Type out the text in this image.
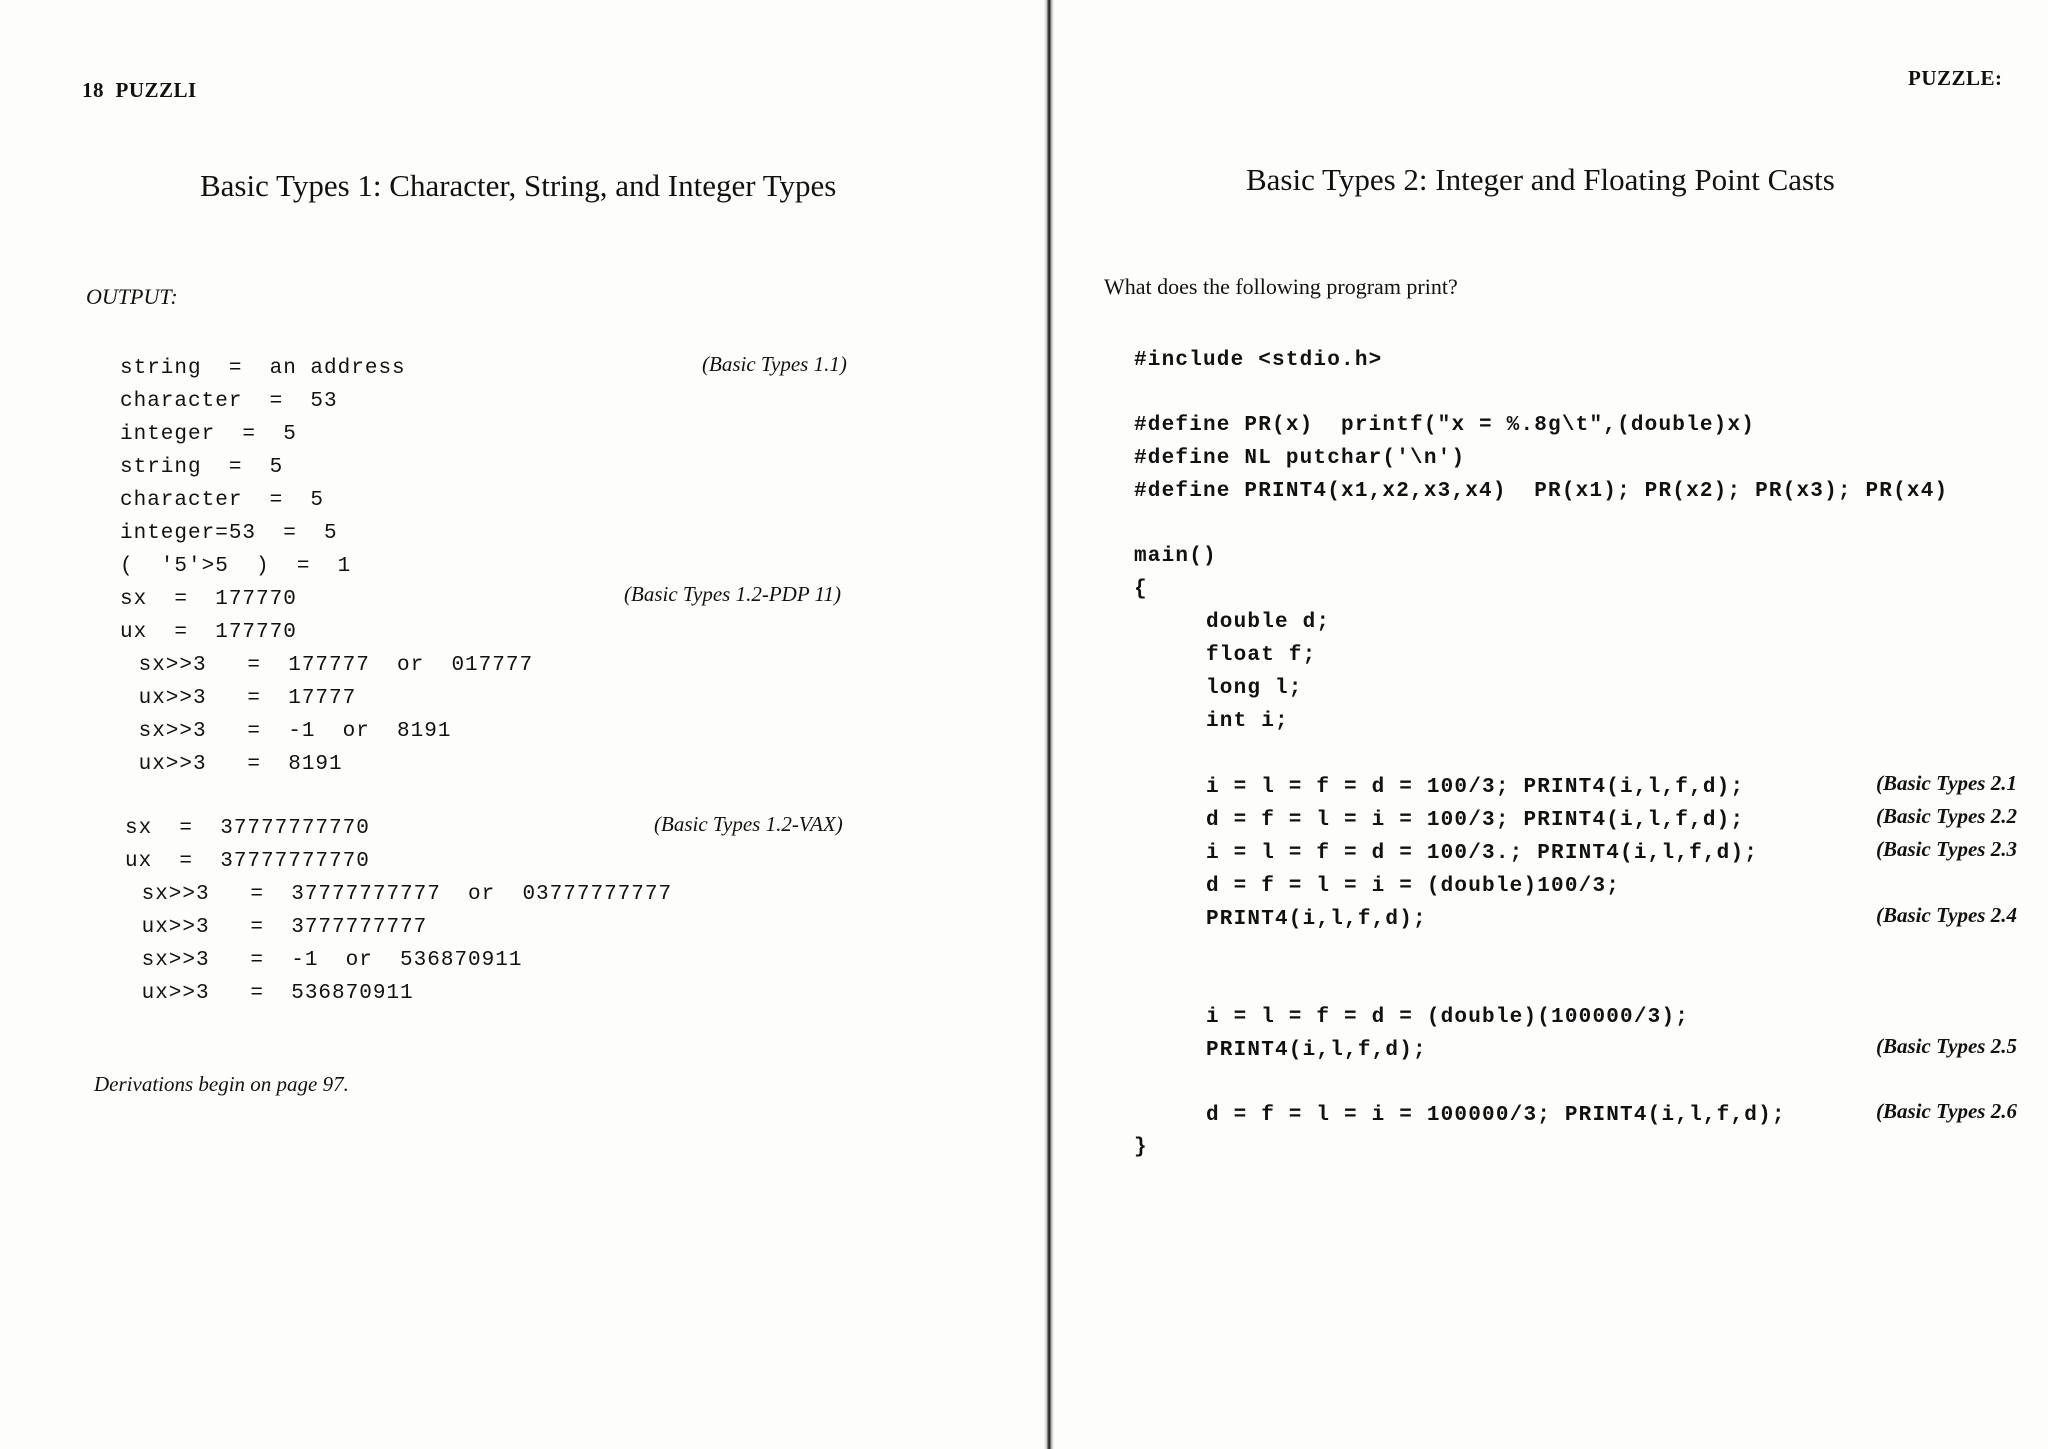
18  PUZZLI
Basic Types 1: Character, String, and Integer Types
OUTPUT:
string  =  an address
character  =  53
integer  =  5
string  =  5
character  =  5
integer=53  =  5
(  '5'>5  )  =  1
sx  =  177770
ux  =  177770
sx>>3   =  177777  or  017777
ux>>3   =  17777
sx>>3   =  -1  or  8191
ux>>3   =  8191
sx  =  37777777770
ux  =  37777777770
sx>>3   =  37777777777  or  03777777777
ux>>3   =  3777777777
sx>>3   =  -1  or  536870911
ux>>3   =  536870911
(Basic Types 1.1)
(Basic Types 1.2-PDP 11)
(Basic Types 1.2-VAX)
Derivations begin on page 97.
PUZZLE:
Basic Types 2: Integer and Floating Point Casts
What does the following program print?
#include <stdio.h>
#define PR(x)  printf("x = %.8g\t",(double)x)
#define NL putchar('\n')
#define PRINT4(x1,x2,x3,x4)  PR(x1); PR(x2); PR(x3); PR(x4)
main()
{
double d;
float f;
long l;
int i;
i = l = f = d = 100/3; PRINT4(i,l,f,d);
d = f = l = i = 100/3; PRINT4(i,l,f,d);
i = l = f = d = 100/3.; PRINT4(i,l,f,d);
d = f = l = i = (double)100/3;
PRINT4(i,l,f,d);
i = l = f = d = (double)(100000/3);
PRINT4(i,l,f,d);
d = f = l = i = 100000/3; PRINT4(i,l,f,d);
}
(Basic Types 2.1
(Basic Types 2.2
(Basic Types 2.3
(Basic Types 2.4
(Basic Types 2.5
(Basic Types 2.6
